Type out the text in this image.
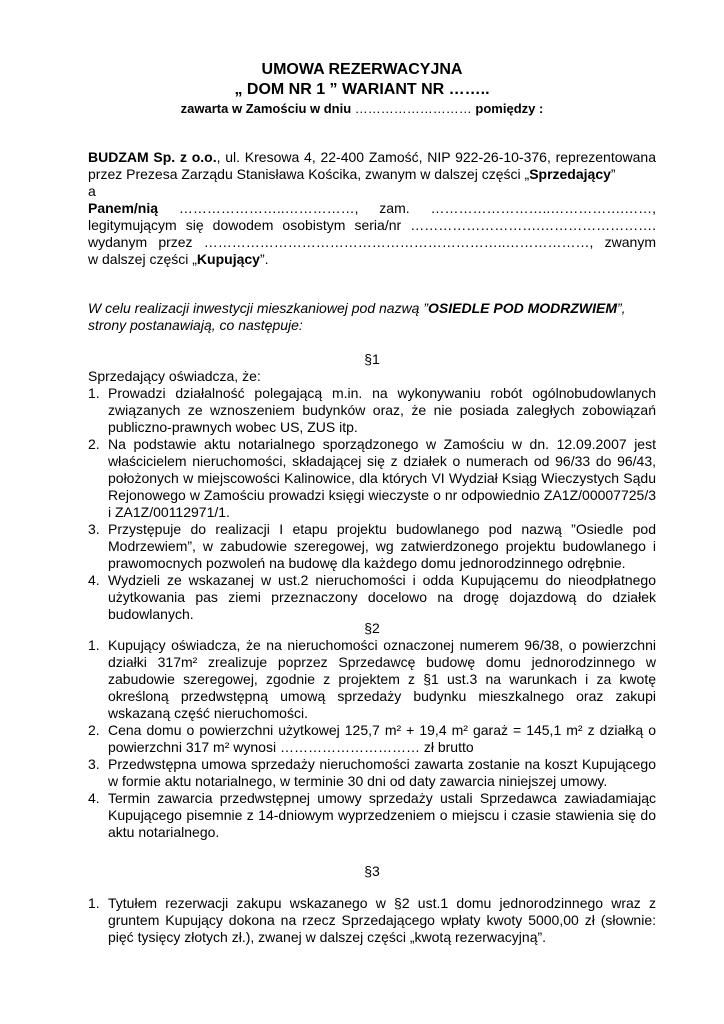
UMOWA REZERWACYJNA
„ DOM NR 1 ” WARIANT NR ……..
zawarta w Zamościu w dniu ……………………… pomiędzy :
BUDZAM Sp. z o.o., ul. Kresowa 4, 22-400 Zamość, NIP 922-26-10-376, reprezentowana przez Prezesa Zarządu Stanisława Kościka, zwanym w dalszej części „Sprzedający”
a
Panem/nią …………………..……………, zam. ……………………..…………….……,
legitymującym się dowodem osobistym seria/nr ……………………….…………………….
wydanym przez ………………………………………………………..………………, zwanym
w dalszej części „Kupujący”.
W celu realizacji inwestycji mieszkaniowej pod nazwą ”OSIEDLE POD MODRZWIEM”,
strony postanawiają, co następuje:
§1
Sprzedający oświadcza, że:
1. Prowadzi działalność polegającą m.in. na wykonywaniu robót ogólnobudowlanych związanych ze wznoszeniem budynków oraz, że nie posiada zaległych zobowiązań publiczno-prawnych wobec US, ZUS itp.
2. Na podstawie aktu notarialnego sporządzonego w Zamościu w dn. 12.09.2007 jest właścicielem nieruchomości, składającej się z działek o numerach od 96/33 do 96/43, położonych w miejscowości Kalinowice, dla których VI Wydział Ksiąg Wieczystych Sądu Rejonowego w Zamościu prowadzi księgi wieczyste o nr odpowiednio ZA1Z/00007725/3 i ZA1Z/00112971/1.
3. Przystępuje do realizacji I etapu projektu budowlanego pod nazwą ”Osiedle pod Modrzewiem”, w zabudowie szeregowej, wg zatwierdzonego projektu budowlanego i prawomocnych pozwoleń na budowę dla każdego domu jednorodzinnego odrębnie.
4. Wydzieli ze wskazanej w ust.2 nieruchomości i odda Kupującemu do nieodpłatnego użytkowania pas ziemi przeznaczony docelowo na drogę dojazdową do działek budowlanych.
§2
1. Kupujący oświadcza, że na nieruchomości oznaczonej numerem 96/38, o powierzchni działki 317m² zrealizuje poprzez Sprzedawcę budowę domu jednorodzinnego w zabudowie szeregowej, zgodnie z projektem z §1 ust.3 na warunkach i za kwotę określoną przedwstępną umową sprzedaży budynku mieszkalnego oraz zakupi wskazaną część nieruchomości.
2. Cena domu o powierzchni użytkowej 125,7 m² + 19,4 m² garaż = 145,1 m² z działką o powierzchni 317 m² wynosi ………………………… zł brutto
3. Przedwstępna umowa sprzedaży nieruchomości zawarta zostanie na koszt Kupującego w formie aktu notarialnego, w terminie 30 dni od daty zawarcia niniejszej umowy.
4. Termin zawarcia przedwstępnej umowy sprzedaży ustali Sprzedawca zawiadamiając Kupującego pisemnie z 14-dniowym wyprzedzeniem o miejscu i czasie stawienia się do aktu notarialnego.
§3
1. Tytułem rezerwacji zakupu wskazanego w §2 ust.1 domu jednorodzinnego wraz z gruntem Kupujący dokona na rzecz Sprzedającego wpłaty kwoty 5000,00 zł (słownie: pięć tysięcy złotych zł.), zwanej w dalszej części „kwotą rezerwacyjną”.
